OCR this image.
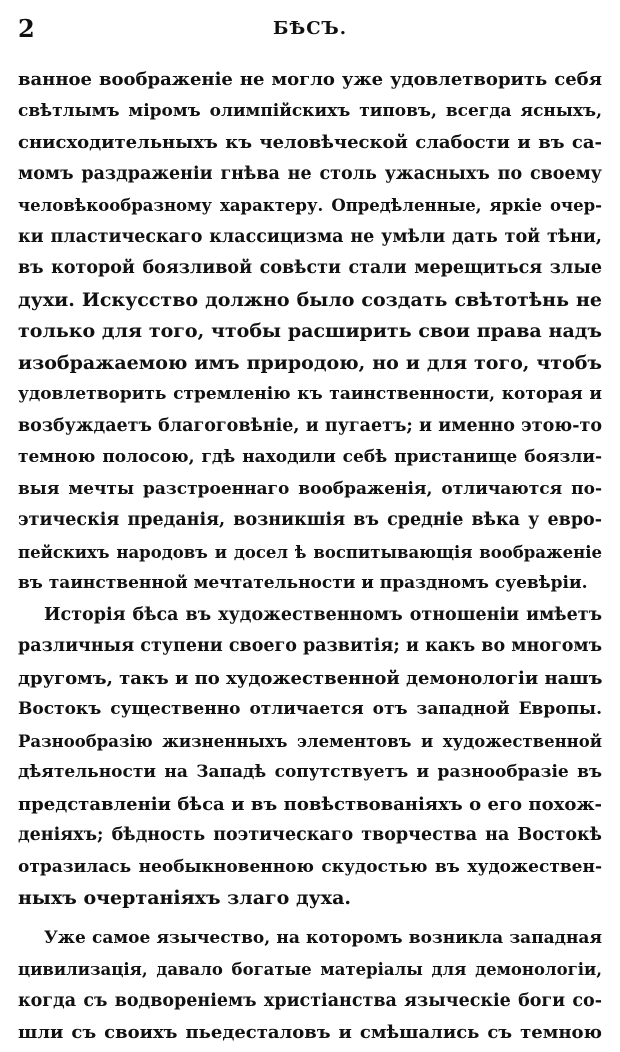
2	БѢСЪ.
ванное воображенiе не могло уже удовлетворить себя
свѣтлымъ мiромъ олимпiйскихъ типовъ, всегда ясныхъ,
снисходительныхъ къ человѣческой слабости и въ са-
момъ раздраженiи гнѣва не столь ужасныхъ по своему
человѣкообразному характеру. Опредѣленные, яркiе очер-
ки пластическаго классицизма не умѣли дать той тѣни,
въ которой боязливой совѣсти стали мерещиться злые
духи. Искусство должно было создать свѣтотѣнь не
только для того, чтобы расширить свои права надъ
изображаемою имъ природою, но и для того, чтобъ
удовлетворить стремленiю къ таинственности, которая и
возбуждаетъ благоговѣнiе, и пугаетъ; и именно этою-то
темною полосою, гдѣ находили себѣ пристанище боязли-
выя мечты разстроеннаго воображенiя, отличаются по-
этическiя преданiя, возникшiя въ средніе вѣка у евро-
пейскихъ народовъ и досел ѣ воспитывающiя воображенiе
въ таинственной мечтательности и праздномъ суевѣрiи.
Исторiя бѣса въ художественномъ отношенiи имѣетъ
различныя ступени своего развитiя; и какъ во многомъ
другомъ, такъ и по художественной демонологiи нашъ
Востокъ существенно отличается отъ западной Европы.
Разнообразiю жизненныхъ элементовъ и художественной
дѣятельности на Западѣ сопутствуетъ и разнообразiе въ
представленiи бѣса и въ повѣствованiяхъ о его похож-
денiяхъ; бѣдность поэтическаго творчества на Востокѣ
отразилась необыкновенною скудостью въ художествен-
ныхъ очертанiяхъ злаго духа.
Уже самое язычество, на которомъ возникла западная
цивилизацiя, давало богатые матерiалы для демонологiи,
когда съ водворенiемъ христiанства языческiе боги со-
шли съ своихъ пьедесталовъ и смѣшались съ темною
